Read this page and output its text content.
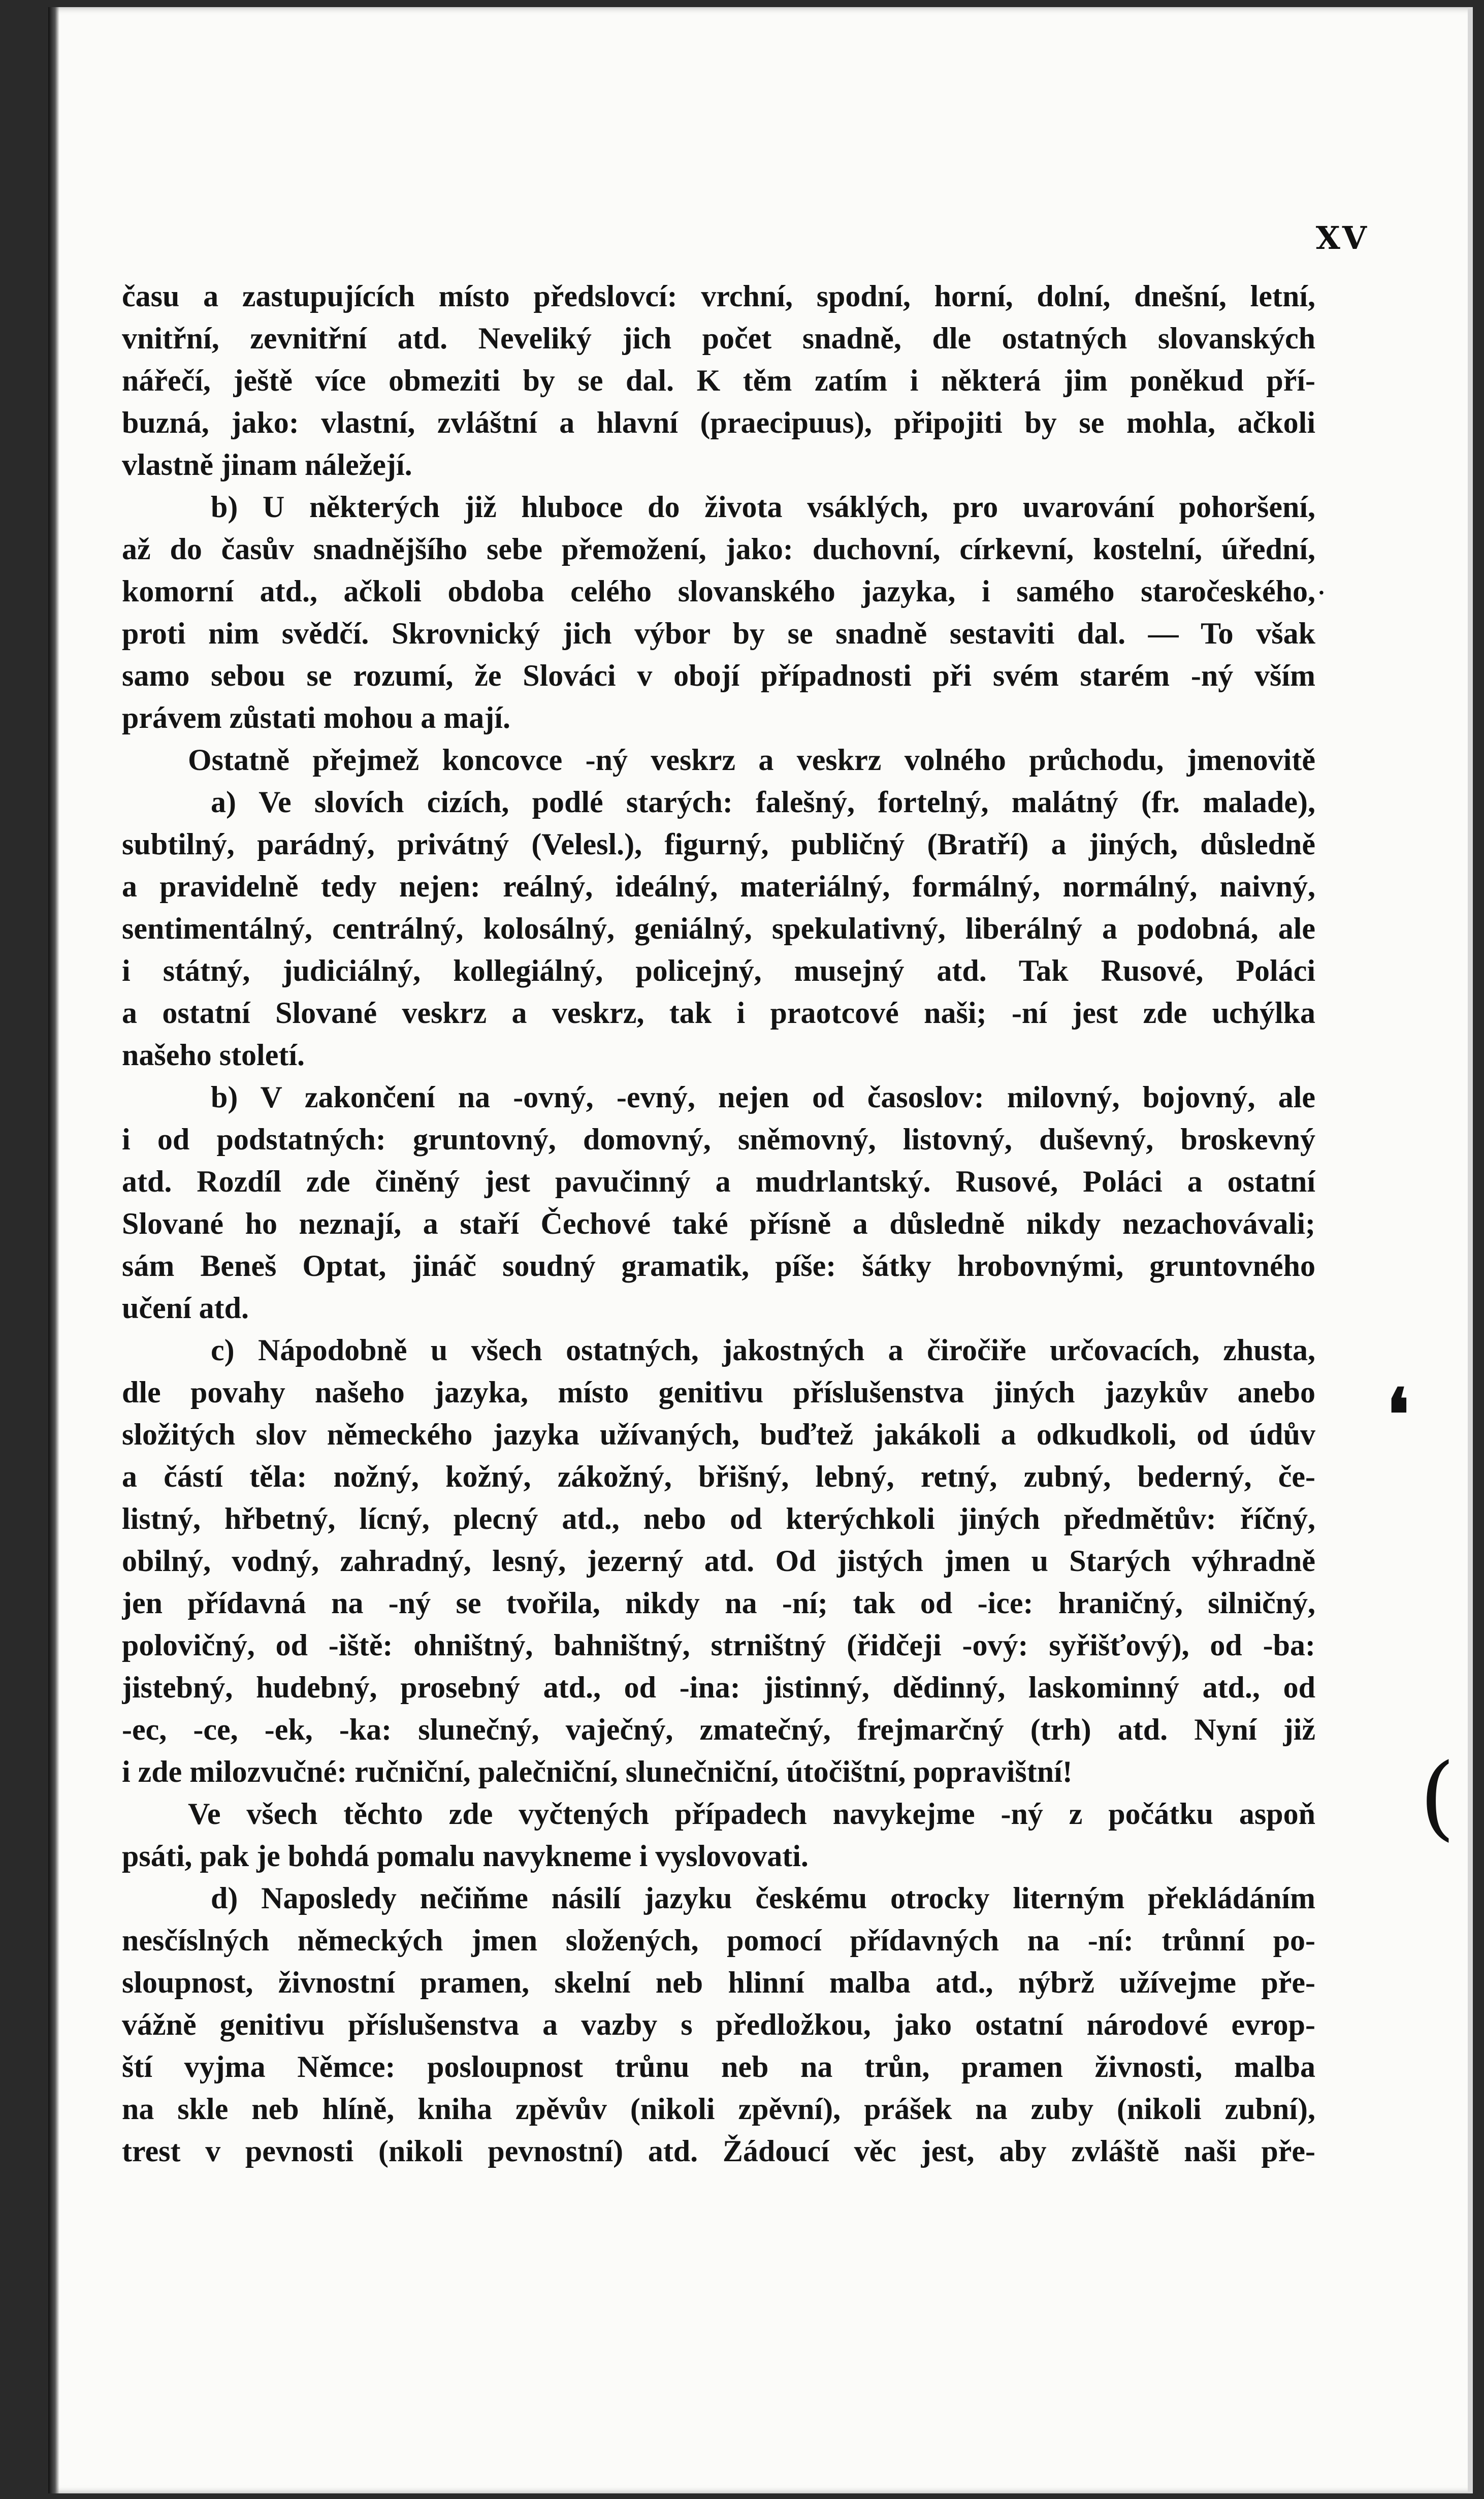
XV
času a zastupujících místo předslovcí: vrchní, spodní, horní, dolní, dnešní, letní,
vnitřní, zevnitřní atd. Neveliký jich počet snadně, dle ostatných slovanských
nářečí, ještě více obmeziti by se dal. K těm zatím i některá jim poněkud pří-
buzná, jako: vlastní, zvláštní a hlavní (praecipuus), připojiti by se mohla, ačkoli
vlastně jinam náležejí.
b) U některých již hluboce do života vsáklých, pro uvarování pohoršení,
až do časův snadnějšího sebe přemožení, jako: duchovní, církevní, kostelní, úřední,
komorní atd., ačkoli obdoba celého slovanského jazyka, i samého staročeského,
proti nim svědčí. Skrovnický jich výbor by se snadně sestaviti dal. — To však
samo sebou se rozumí, že Slováci v obojí případnosti při svém starém -ný vším
právem zůstati mohou a mají.
Ostatně přejmež koncovce -ný veskrz a veskrz volného průchodu, jmenovitě
a) Ve slovích cizích, podlé starých: falešný, fortelný, malátný (fr. malade),
subtilný, parádný, privátný (Velesl.), figurný, publičný (Bratří) a jiných, důsledně
a pravidelně tedy nejen: reálný, ideálný, materiálný, formálný, normálný, naivný,
sentimentálný, centrálný, kolosálný, geniálný, spekulativný, liberálný a podobná, ale
i státný, judiciálný, kollegiálný, policejný, musejný atd. Tak Rusové, Poláci
a ostatní Slované veskrz a veskrz, tak i praotcové naši; -ní jest zde uchýlka
našeho století.
b) V zakončení na -ovný, -evný, nejen od časoslov: milovný, bojovný, ale
i od podstatných: gruntovný, domovný, sněmovný, listovný, duševný, broskevný
atd. Rozdíl zde činěný jest pavučinný a mudrlantský. Rusové, Poláci a ostatní
Slované ho neznají, a staří Čechové také přísně a důsledně nikdy nezachovávali;
sám Beneš Optat, jináč soudný gramatik, píše: šátky hrobovnými, gruntovného
učení atd.
c) Nápodobně u všech ostatných, jakostných a čiročiře určovacích, zhusta,
dle povahy našeho jazyka, místo genitivu příslušenstva jiných jazykův anebo
složitých slov německého jazyka užívaných, buďtež jakákoli a odkudkoli, od údův
a částí těla: nožný, kožný, zákožný, břišný, lebný, retný, zubný, bederný, če-
listný, hřbetný, lícný, plecný atd., nebo od kterýchkoli jiných předmětův: říčný,
obilný, vodný, zahradný, lesný, jezerný atd. Od jistých jmen u Starých výhradně
jen přídavná na -ný se tvořila, nikdy na -ní; tak od -ice: hraničný, silničný,
polovičný, od -iště: ohništný, bahništný, strništný (řidčeji -ový: syřišťový), od -ba:
jistebný, hudebný, prosebný atd., od -ina: jistinný, dědinný, laskominný atd., od
-ec, -ce, -ek, -ka: slunečný, vaječný, zmatečný, frejmarčný (trh) atd. Nyní již
i zde milozvučné: ručniční, palečniční, slunečniční, útočištní, popravištní!
Ve všech těchto zde vyčtených případech navykejme -ný z počátku aspoň
psáti, pak je bohdá pomalu navykneme i vyslovovati.
d) Naposledy nečiňme násilí jazyku českému otrocky literným překládáním
nesčíslných německých jmen složených, pomocí přídavných na -ní: trůnní po-
sloupnost, živnostní pramen, skelní neb hlinní malba atd., nýbrž užívejme pře-
vážně genitivu příslušenstva a vazby s předložkou, jako ostatní národové evrop-
ští vyjma Němce: posloupnost trůnu neb na trůn, pramen živnosti, malba
na skle neb hlíně, kniha zpěvův (nikoli zpěvní), prášek na zuby (nikoli zubní),
trest v pevnosti (nikoli pevnostní) atd. Žádoucí věc jest, aby zvláště naši pře-
·
❛
(
